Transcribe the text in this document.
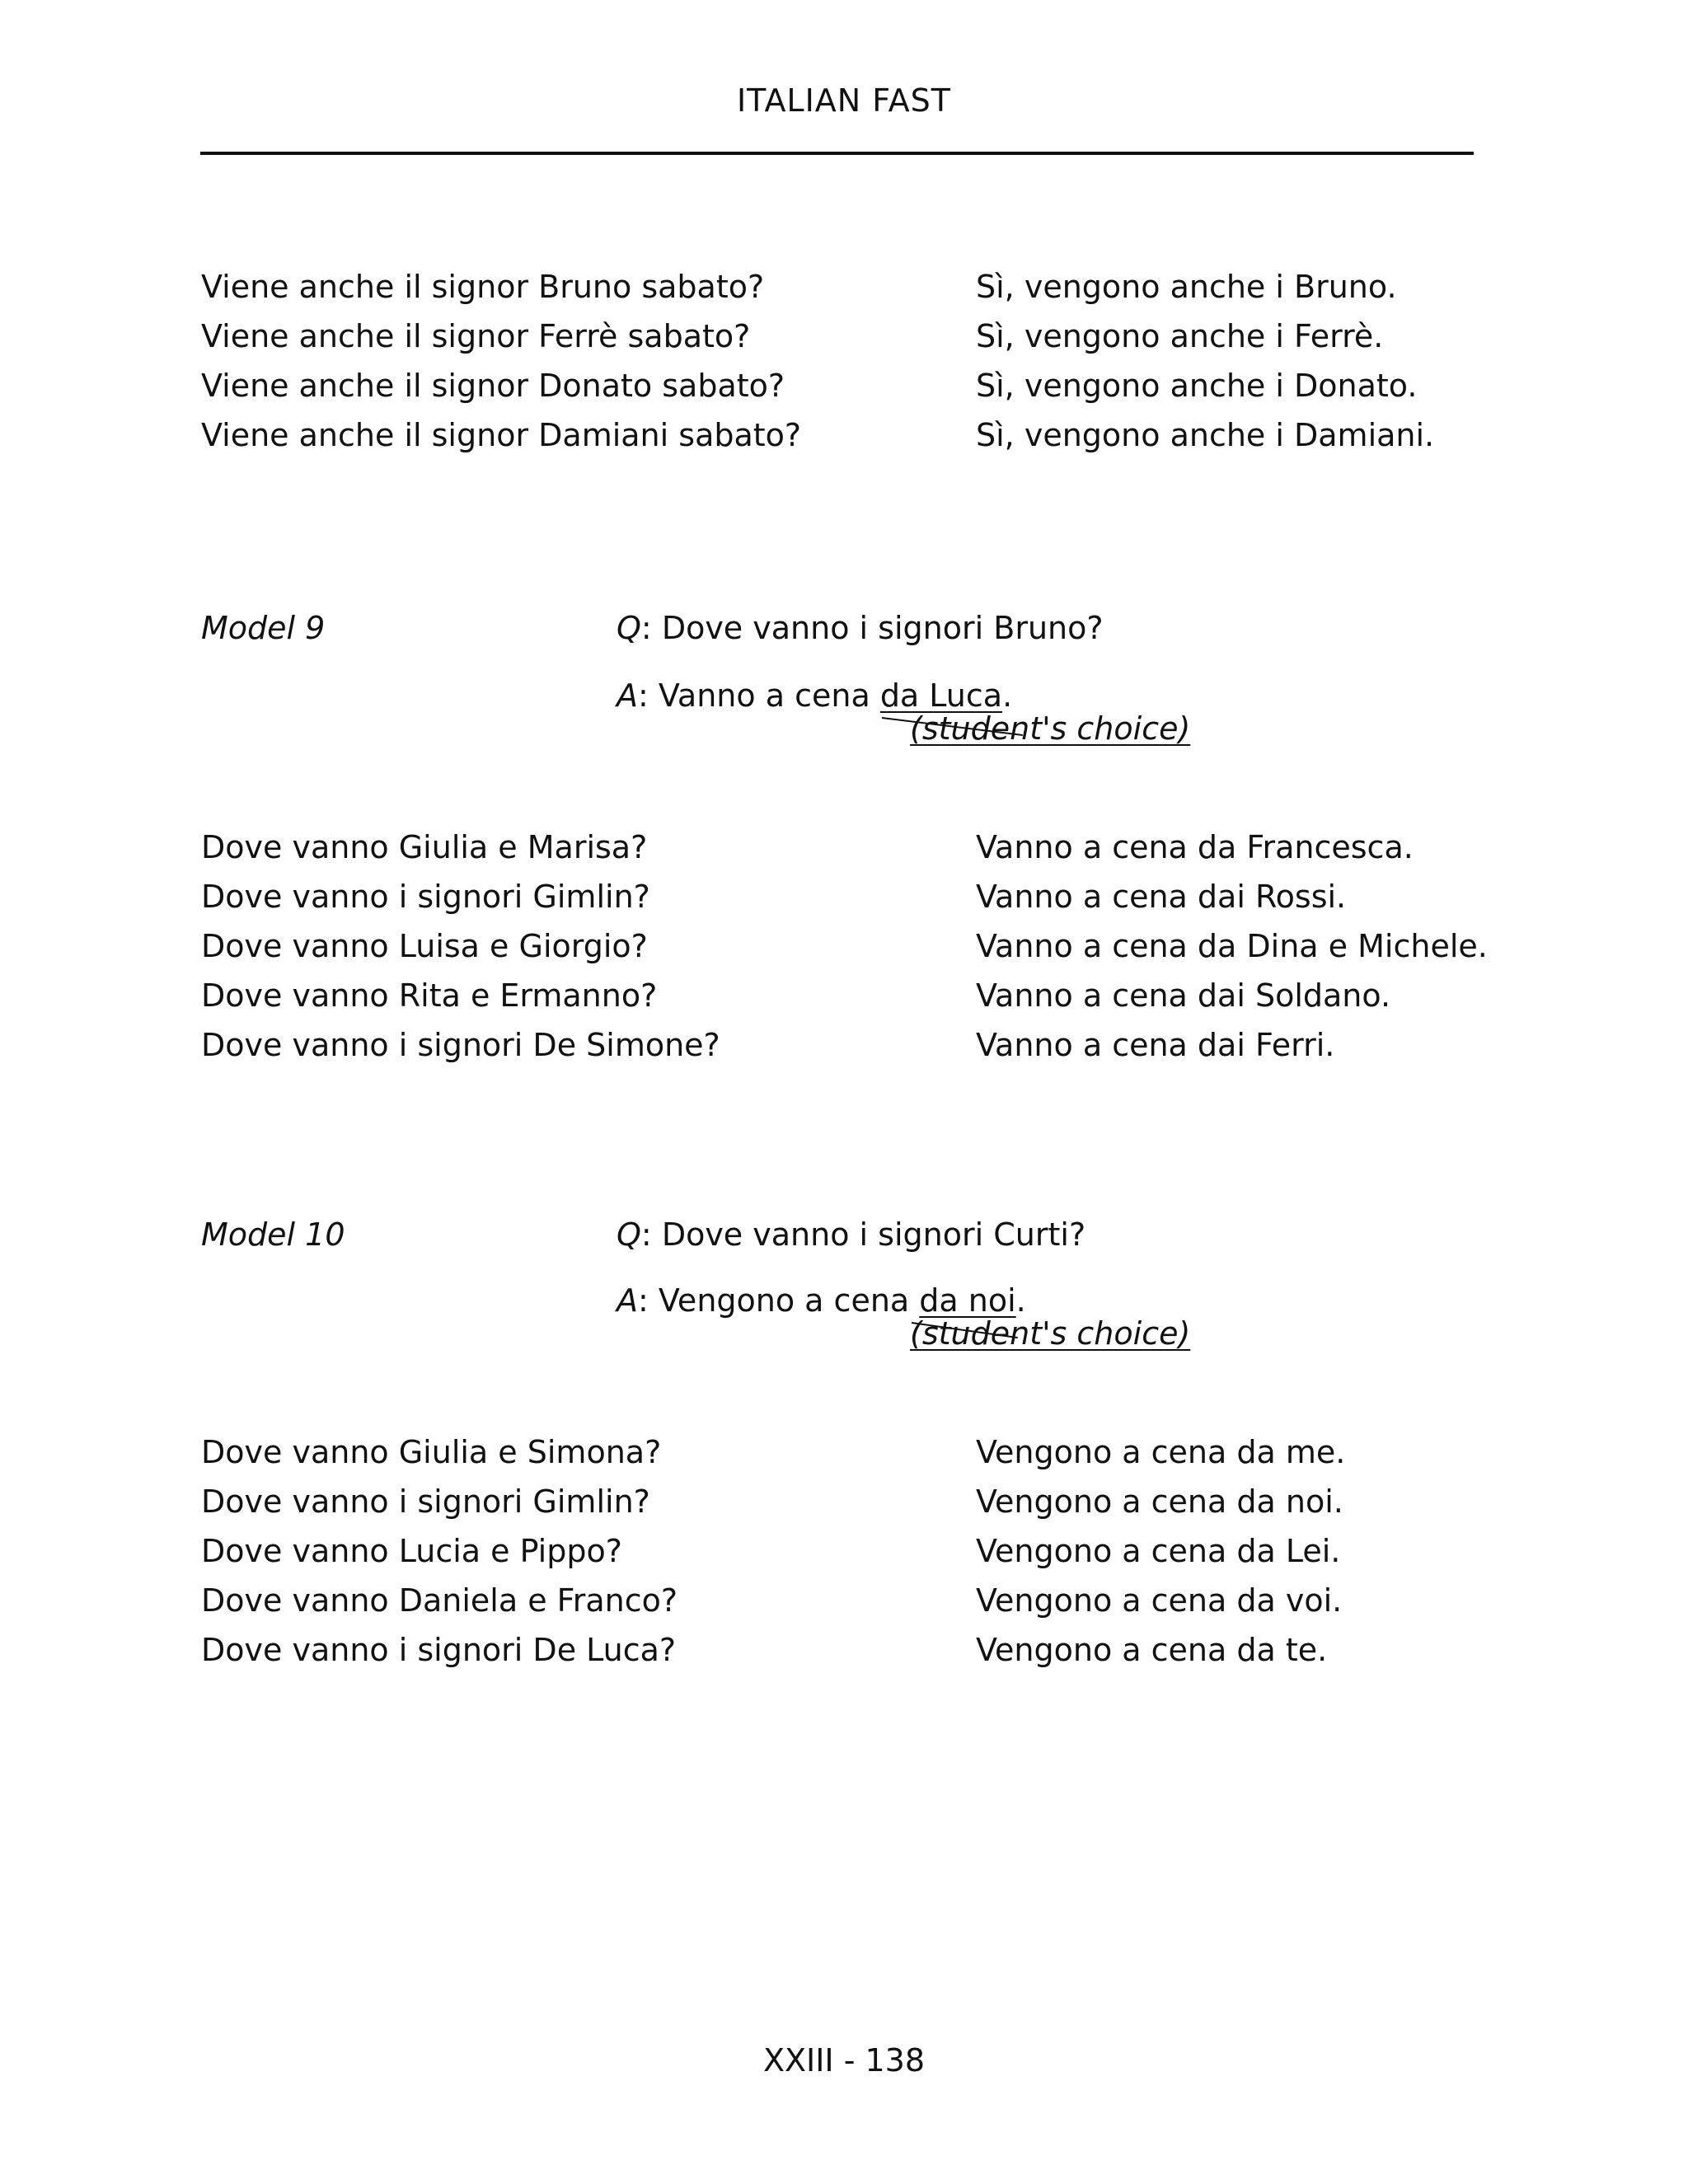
ITALIAN FAST
Viene anche il signor Bruno sabato?	Sì, vengono anche i Bruno.
Viene anche il signor Ferrè sabato?	Sì, vengono anche i Ferrè.
Viene anche il signor Donato sabato?	Sì, vengono anche i Donato.
Viene anche il signor Damiani sabato?	Sì, vengono anche i Damiani.
Model 9	Q: Dove vanno i signori Bruno?
A: Vanno a cena da Luca.
(student's choice)
Dove vanno Giulia e Marisa?	Vanno a cena da Francesca.
Dove vanno i signori Gimlin?	Vanno a cena dai Rossi.
Dove vanno Luisa e Giorgio?	Vanno a cena da Dina e Michele.
Dove vanno Rita e Ermanno?	Vanno a cena dai Soldano.
Dove vanno i signori De Simone?	Vanno a cena dai Ferri.
Model 10	Q: Dove vanno i signori Curti?
A: Vengono a cena da noi.
(student's choice)
Dove vanno Giulia e Simona?	Vengono a cena da me.
Dove vanno i signori Gimlin?	Vengono a cena da noi.
Dove vanno Lucia e Pippo?	Vengono a cena da Lei.
Dove vanno Daniela e Franco?	Vengono a cena da voi.
Dove vanno i signori De Luca?	Vengono a cena da te.
XXIII - 138
